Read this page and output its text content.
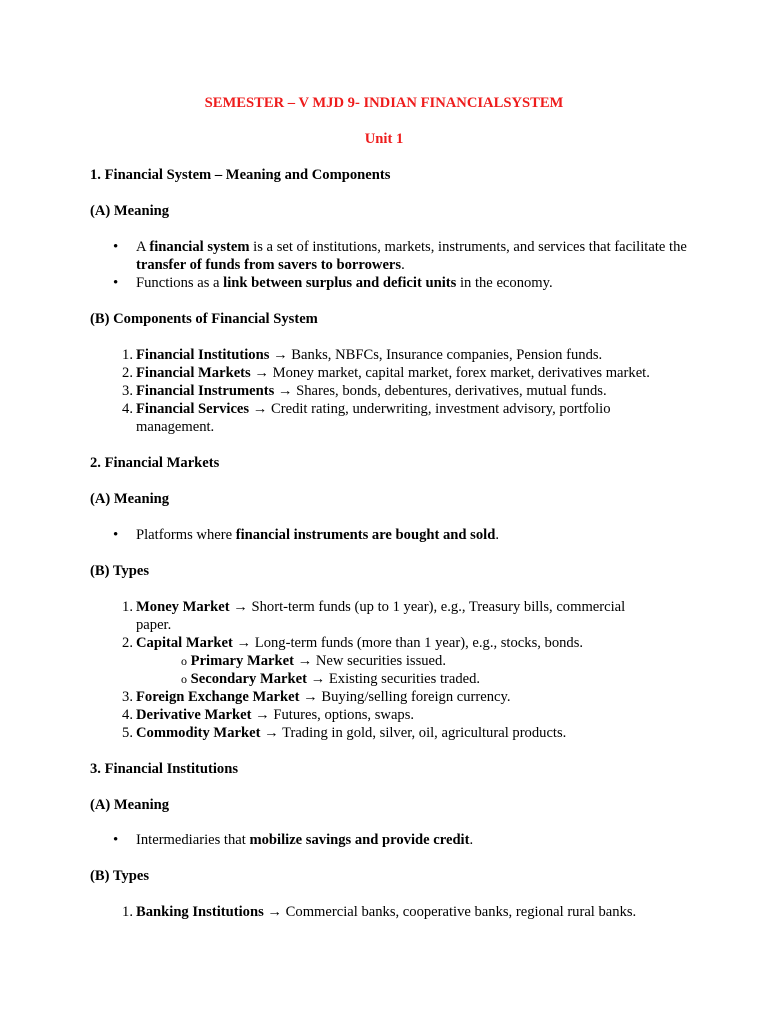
SEMESTER – V MJD 9- INDIAN FINANCIALSYSTEM
Unit 1
1. Financial System – Meaning and Components
(A) Meaning
• A financial system is a set of institutions, markets, instruments, and services that facilitate the transfer of funds from savers to borrowers.
• Functions as a link between surplus and deficit units in the economy.
(B) Components of Financial System
1. Financial Institutions → Banks, NBFCs, Insurance companies, Pension funds.
2. Financial Markets → Money market, capital market, forex market, derivatives market.
3. Financial Instruments → Shares, bonds, debentures, derivatives, mutual funds.
4. Financial Services → Credit rating, underwriting, investment advisory, portfolio management.
2. Financial Markets
(A) Meaning
• Platforms where financial instruments are bought and sold.
(B) Types
1. Money Market → Short-term funds (up to 1 year), e.g., Treasury bills, commercial paper.
2. Capital Market → Long-term funds (more than 1 year), e.g., stocks, bonds.
o Primary Market → New securities issued.
o Secondary Market → Existing securities traded.
3. Foreign Exchange Market → Buying/selling foreign currency.
4. Derivative Market → Futures, options, swaps.
5. Commodity Market → Trading in gold, silver, oil, agricultural products.
3. Financial Institutions
(A) Meaning
• Intermediaries that mobilize savings and provide credit.
(B) Types
1. Banking Institutions → Commercial banks, cooperative banks, regional rural banks.
